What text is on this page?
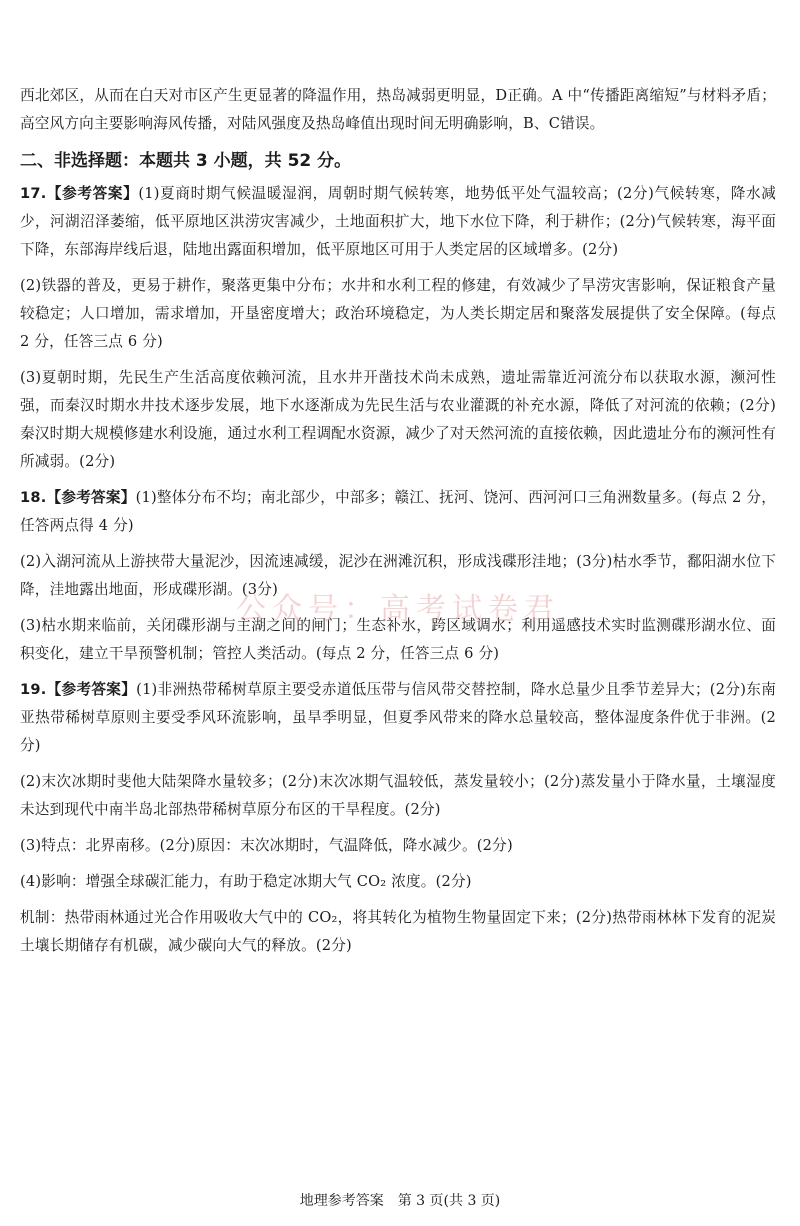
西北郊区，从而在白天对市区产生更显著的降温作用，热岛减弱更明显，D正确。A 中“传播距离缩短”与材料矛盾；高空风方向主要影响海风传播，对陆风强度及热岛峰值出现时间无明确影响，B、C错误。

二、非选择题：本题共 3 小题，共 52 分。

17.【参考答案】(1)夏商时期气候温暖湿润，周朝时期气候转寒，地势低平处气温较高；(2分)气候转寒，降水减少，河湖沼泽萎缩，低平原地区洪涝灾害减少，土地面积扩大，地下水位下降，利于耕作；(2分)气候转寒，海平面下降，东部海岸线后退，陆地出露面积增加，低平原地区可用于人类定居的区域增多。(2分)

(2)铁器的普及，更易于耕作，聚落更集中分布；水井和水利工程的修建，有效减少了旱涝灾害影响，保证粮食产量较稳定；人口增加，需求增加，开垦密度增大；政治环境稳定，为人类长期定居和聚落发展提供了安全保障。(每点 2 分，任答三点 6 分)

(3)夏朝时期，先民生产生活高度依赖河流，且水井开凿技术尚未成熟，遗址需靠近河流分布以获取水源，濒河性强，而秦汉时期水井技术逐步发展，地下水逐渐成为先民生活与农业灌溉的补充水源，降低了对河流的依赖；(2分)秦汉时期大规模修建水利设施，通过水利工程调配水资源，减少了对天然河流的直接依赖，因此遗址分布的濒河性有所减弱。(2分)

18.【参考答案】(1)整体分布不均；南北部少，中部多；赣江、抚河、饶河、西河河口三角洲数量多。(每点 2 分，任答两点得 4 分)

(2)入湖河流从上游挟带大量泥沙，因流速减缓，泥沙在洲滩沉积，形成浅碟形洼地；(3分)枯水季节，鄱阳湖水位下降，洼地露出地面，形成碟形湖。(3分)

(3)枯水期来临前，关闭碟形湖与主湖之间的闸门；生态补水，跨区域调水；利用遥感技术实时监测碟形湖水位、面积变化，建立干旱预警机制；管控人类活动。(每点 2 分，任答三点 6 分)

19.【参考答案】(1)非洲热带稀树草原主要受赤道低压带与信风带交替控制，降水总量少且季节差异大；(2分)东南亚热带稀树草原则主要受季风环流影响，虽旱季明显，但夏季风带来的降水总量较高，整体湿度条件优于非洲。(2分)

(2)末次冰期时斐他大陆架降水量较多；(2分)末次冰期气温较低，蒸发量较小；(2分)蒸发量小于降水量，土壤湿度未达到现代中南半岛北部热带稀树草原分布区的干旱程度。(2分)

(3)特点：北界南移。(2分)原因：末次冰期时，气温降低，降水减少。(2分)

(4)影响：增强全球碳汇能力，有助于稳定冰期大气 CO₂ 浓度。(2分)

机制：热带雨林通过光合作用吸收大气中的 CO₂，将其转化为植物生物量固定下来；(2分)热带雨林林下发育的泥炭土壤长期储存有机碳，减少碳向大气的释放。(2分)

公众号：高考试卷君
地理参考答案　第 3 页(共 3 页)
